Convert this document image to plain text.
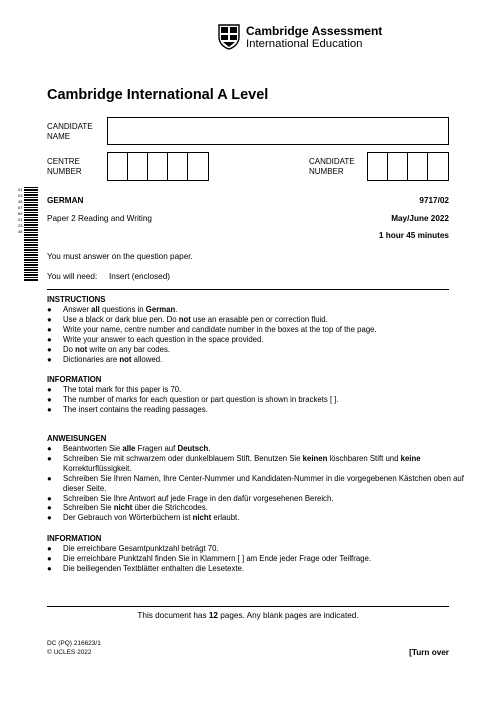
Cambridge Assessment
International Education
Cambridge International A Level
CANDIDATE
NAME
CENTRE
NUMBER
CANDIDATE
NUMBER
0123456789012345
GERMAN	9717/02
Paper 2 Reading and Writing	May/June 2022
1 hour 45 minutes
You must answer on the question paper.
You will need: Insert (enclosed)
INSTRUCTIONS
● Answer all questions in German.
● Use a black or dark blue pen. Do not use an erasable pen or correction fluid.
● Write your name, centre number and candidate number in the boxes at the top of the page.
● Write your answer to each question in the space provided.
● Do not write on any bar codes.
● Dictionaries are not allowed.
INFORMATION
● The total mark for this paper is 70.
● The number of marks for each question or part question is shown in brackets [ ].
● The insert contains the reading passages.
ANWEISUNGEN
● Beantworten Sie alle Fragen auf Deutsch.
● Schreiben Sie mit schwarzem oder dunkelblauem Stift. Benutzen Sie keinen löschbaren Stift und keine Korrekturflüssigkeit.
● Schreiben Sie Ihren Namen, Ihre Center-Nummer und Kandidaten-Nummer in die vorgegebenen Kästchen oben auf dieser Seite.
● Schreiben Sie Ihre Antwort auf jede Frage in den dafür vorgesehenen Bereich.
● Schreiben Sie nicht über die Strichcodes.
● Der Gebrauch von Wörterbüchern ist nicht erlaubt.
INFORMATION
● Die erreichbare Gesamtpunktzahl beträgt 70.
● Die erreichbare Punktzahl finden Sie in Klammern [ ] am Ende jeder Frage oder Teilfrage.
● Die beiliegenden Textblätter enthalten die Lesetexte.
This document has 12 pages. Any blank pages are indicated.
DC (PQ) 216623/1
© UCLES 2022	[Turn over
